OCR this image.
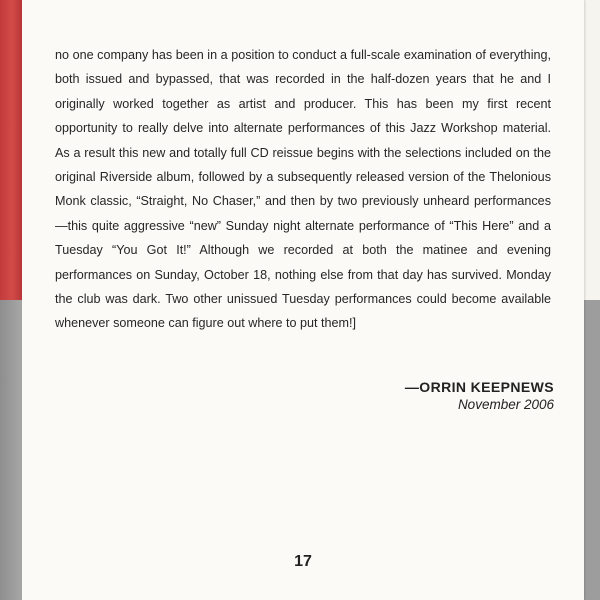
no one company has been in a position to conduct a full-scale examination of everything, both issued and bypassed, that was recorded in the half-dozen years that he and I originally worked together as artist and producer. This has been my first recent opportunity to really delve into alternate performances of this Jazz Workshop material. As a result this new and totally full CD reissue begins with the selections included on the original Riverside album, followed by a subsequently released version of the Thelonious Monk classic, “Straight, No Chaser,” and then by two previously unheard performances—this quite aggressive “new” Sunday night alternate performance of “This Here” and a Tuesday “You Got It!” Although we recorded at both the matinee and evening performances on Sunday, October 18, nothing else from that day has survived. Monday the club was dark. Two other unissued Tuesday performances could become available whenever someone can figure out where to put them!]

—ORRIN KEEPNEWS
November 2006
17
